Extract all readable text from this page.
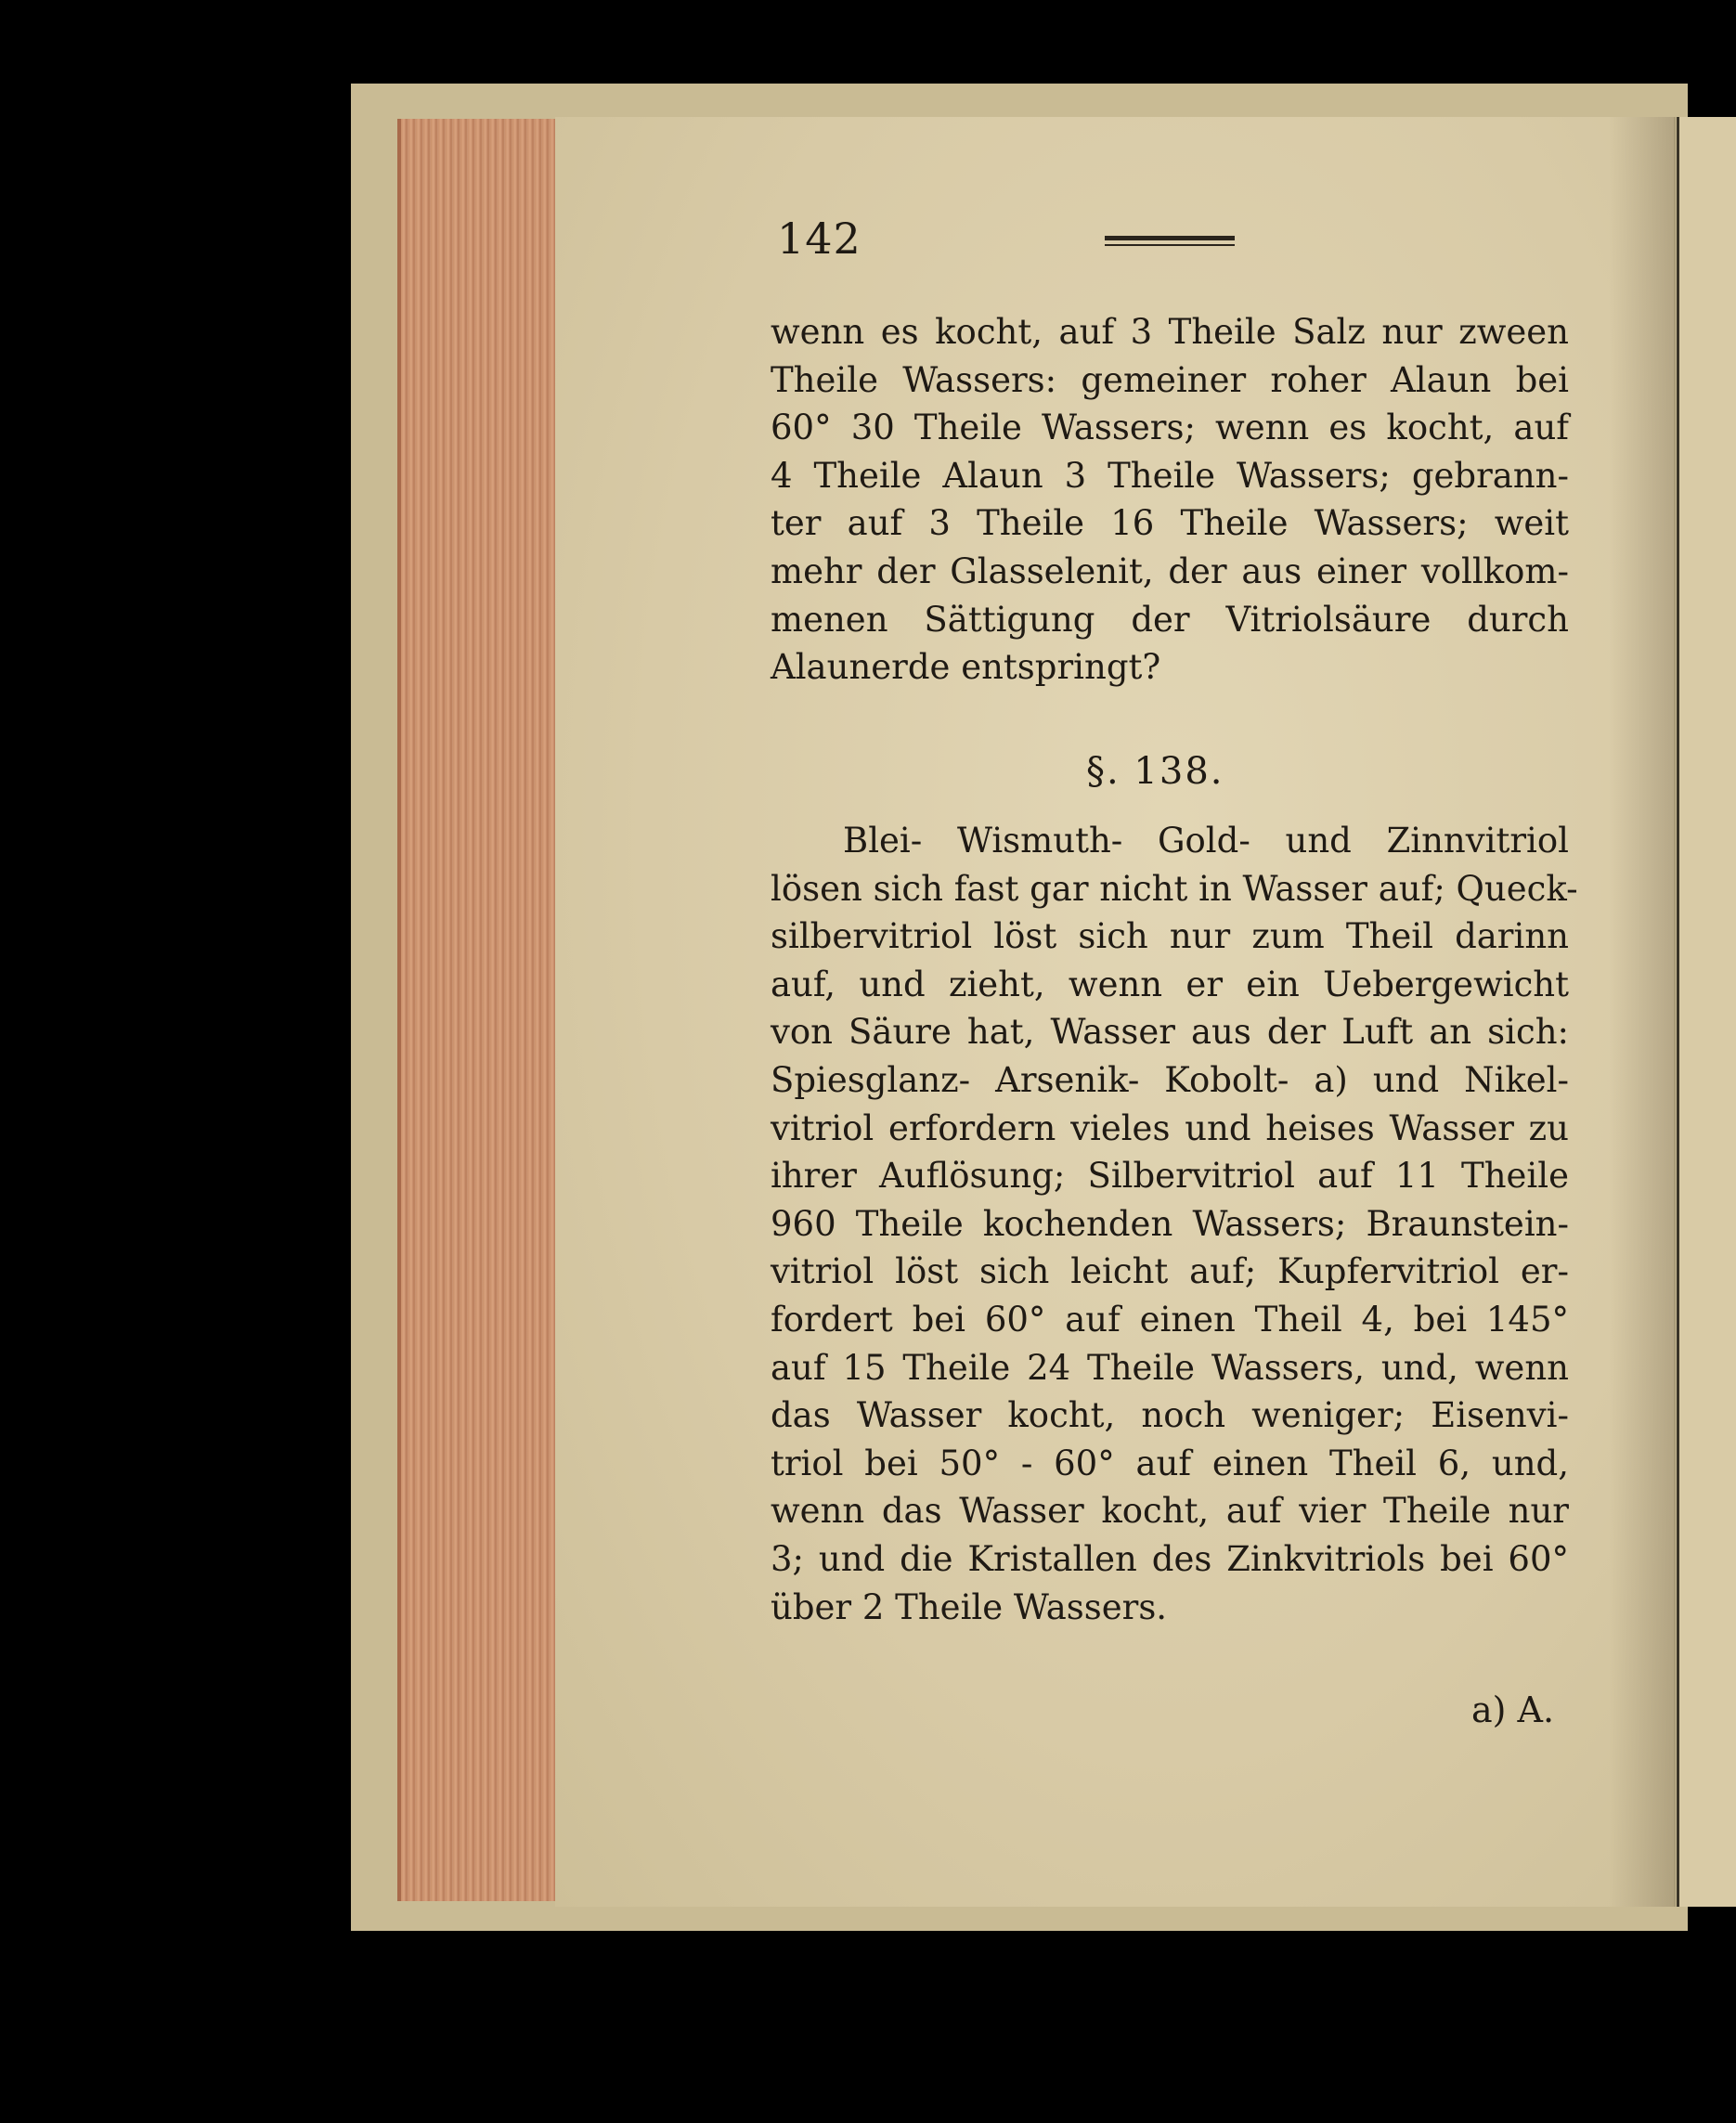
142
wenn es kocht, auf 3 Theile Salz nur zween
Theile Wassers: gemeiner roher Alaun bei
60° 30 Theile Wassers; wenn es kocht, auf
4 Theile Alaun 3 Theile Wassers; gebrann-
ter auf 3 Theile 16 Theile Wassers; weit
mehr der Glasselenit, der aus einer vollkom-
menen Sättigung der Vitriolsäure durch
Alaunerde entspringt?
§. 138.
Blei- Wismuth- Gold- und Zinnvitriol
lösen sich fast gar nicht in Wasser auf; Queck-
silbervitriol löst sich nur zum Theil darinn
auf, und zieht, wenn er ein Uebergewicht
von Säure hat, Wasser aus der Luft an sich:
Spiesglanz- Arsenik- Kobolt- a) und Nikel-
vitriol erfordern vieles und heises Wasser zu
ihrer Auflösung; Silbervitriol auf 11 Theile
960 Theile kochenden Wassers; Braunstein-
vitriol löst sich leicht auf; Kupfervitriol er-
fordert bei 60° auf einen Theil 4, bei 145°
auf 15 Theile 24 Theile Wassers, und, wenn
das Wasser kocht, noch weniger; Eisenvi-
triol bei 50° - 60° auf einen Theil 6, und,
wenn das Wasser kocht, auf vier Theile nur
3; und die Kristallen des Zinkvitriols bei 60°
über 2 Theile Wassers.
a) A.
